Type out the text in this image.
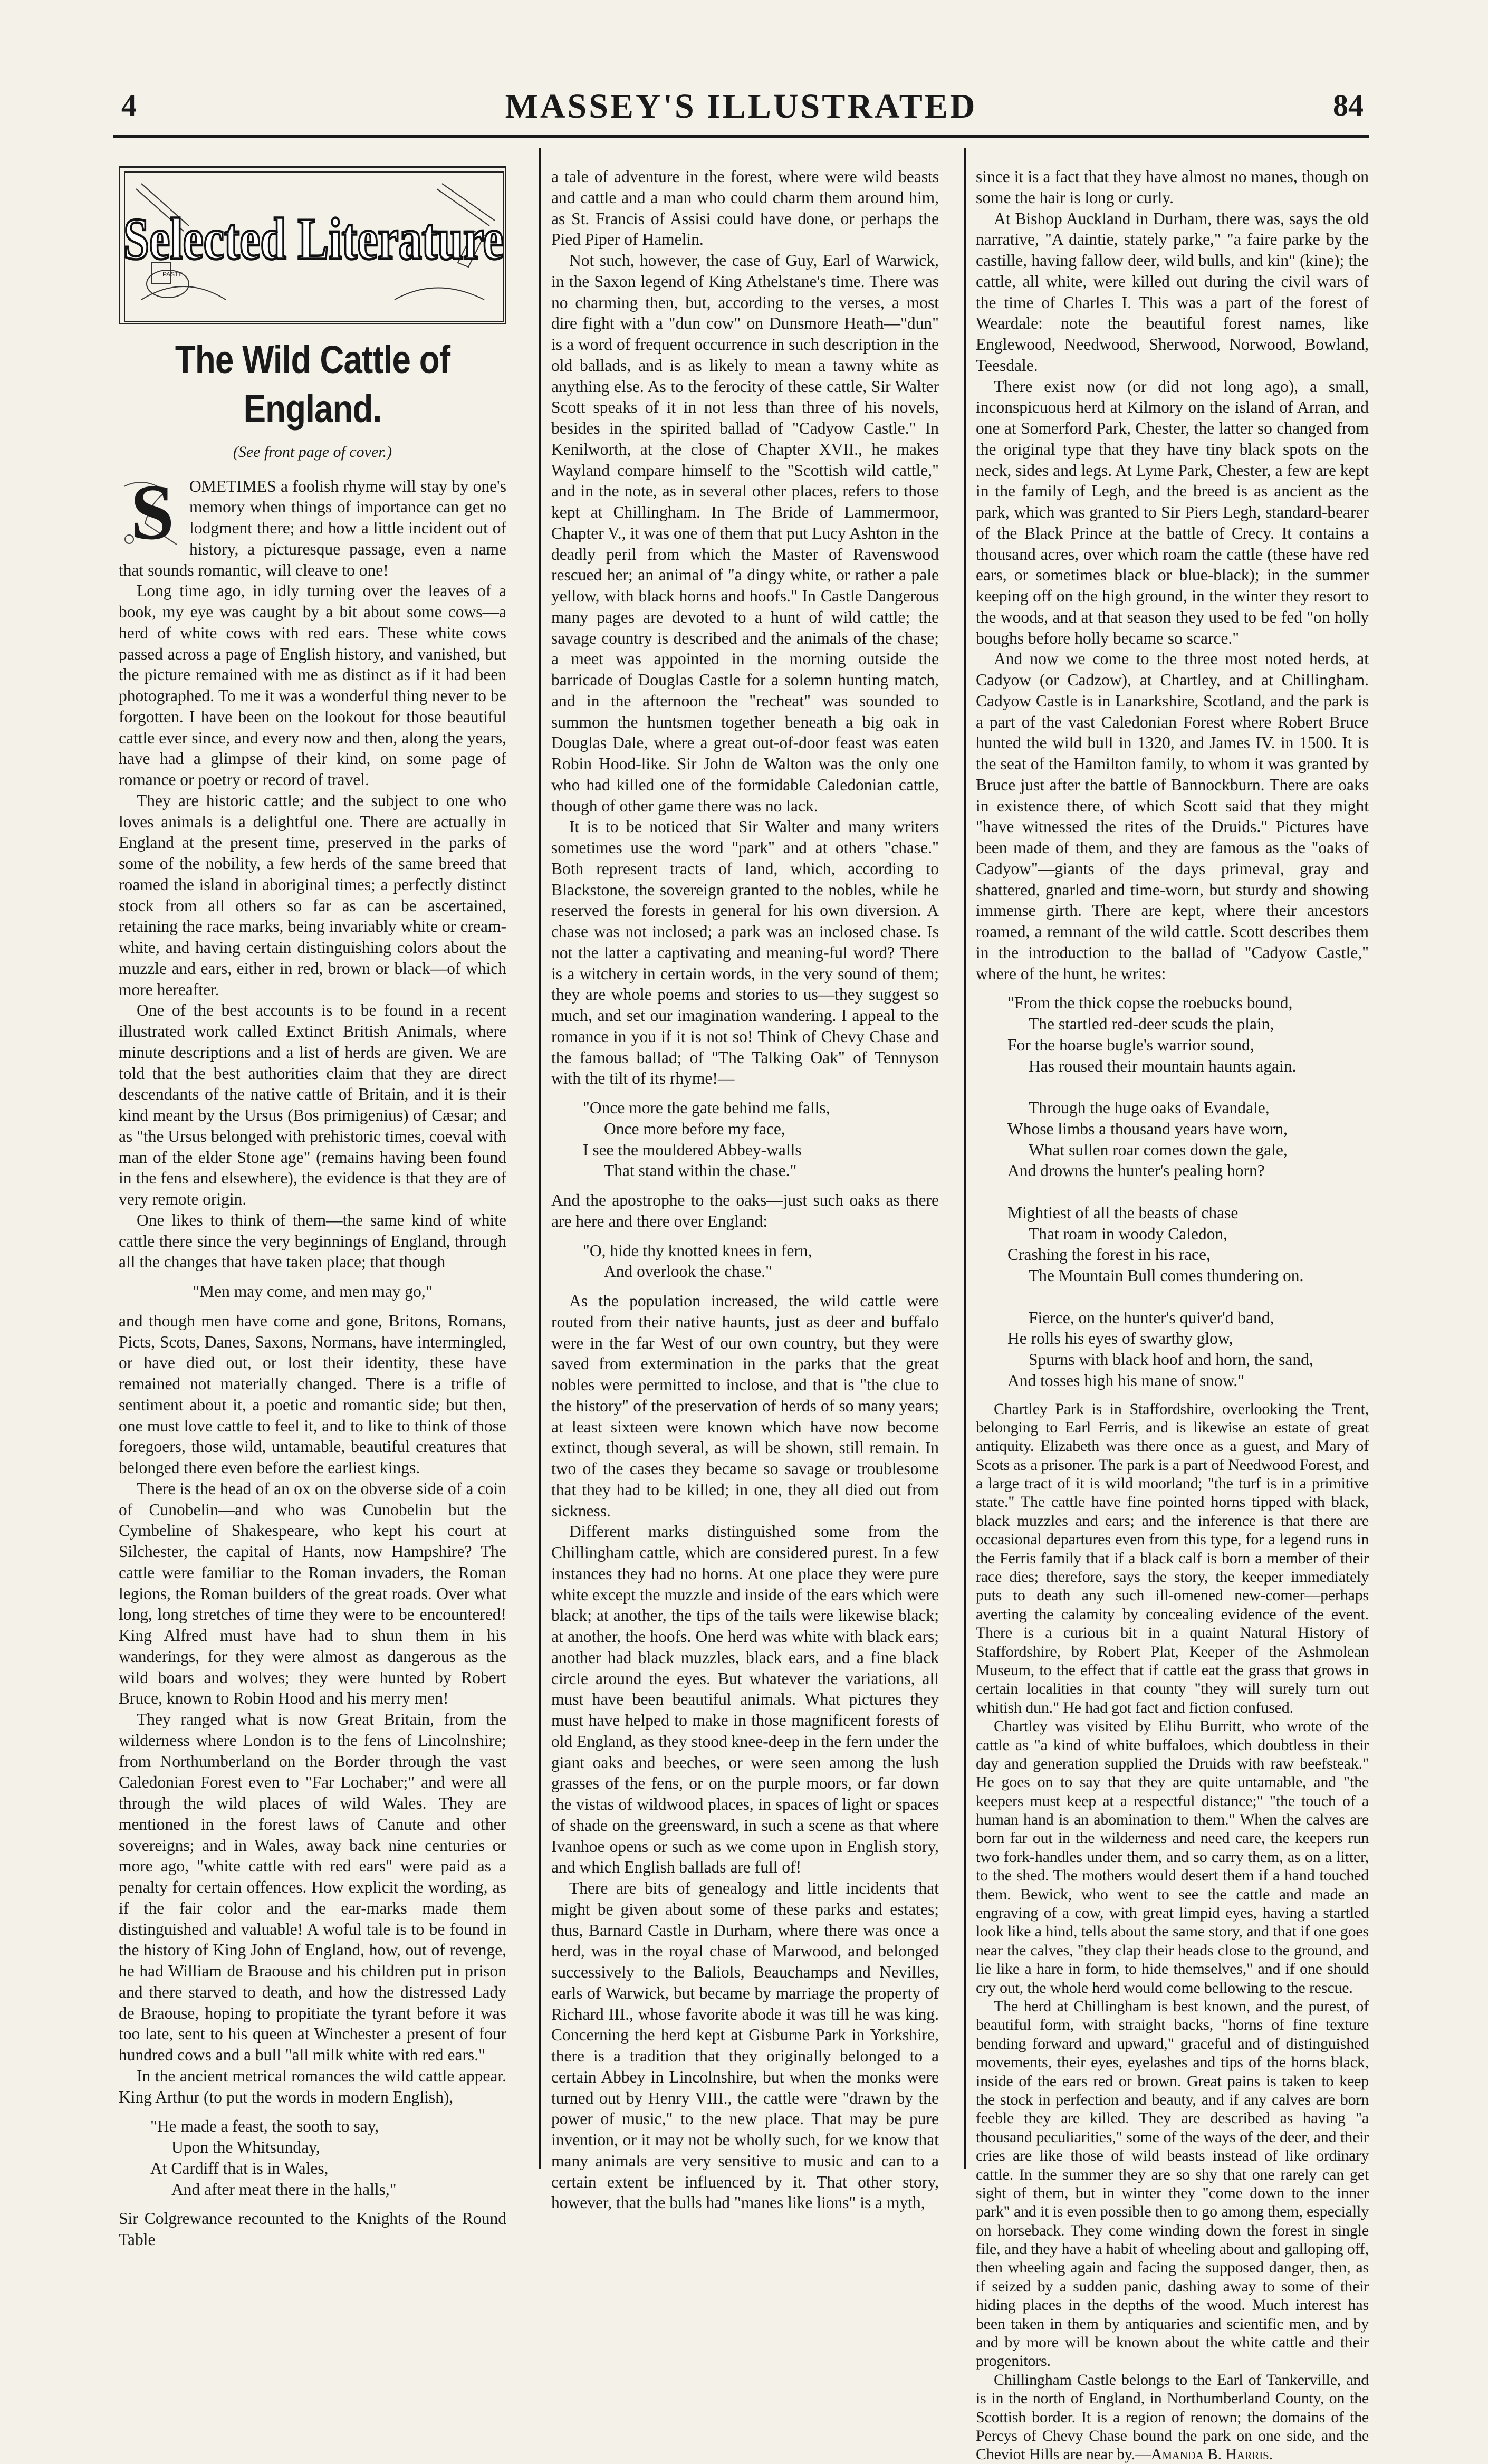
4	MASSEY'S ILLUSTRATED	84
PASTE
Selected Literature
The Wild Cattle of England.
(See front page of cover.)
S OMETIMES a foolish rhyme will stay by one's memory when things of importance can get no lodgment there; and how a little incident out of history, a picturesque passage, even a name that sounds romantic, will cleave to one!

Long time ago, in idly turning over the leaves of a book, my eye was caught by a bit about some cows—a herd of white cows with red ears. These white cows passed across a page of English history, and vanished, but the picture remained with me as distinct as if it had been photographed. To me it was a wonderful thing never to be forgotten. I have been on the lookout for those beautiful cattle ever since, and every now and then, along the years, have had a glimpse of their kind, on some page of romance or poetry or record of travel.

They are historic cattle; and the subject to one who loves animals is a delightful one. There are actually in England at the present time, preserved in the parks of some of the nobility, a few herds of the same breed that roamed the island in aboriginal times; a perfectly distinct stock from all others so far as can be ascertained, retaining the race marks, being invariably white or cream-white, and having certain distinguishing colors about the muzzle and ears, either in red, brown or black—of which more hereafter.

One of the best accounts is to be found in a recent illustrated work called Extinct British Animals, where minute descriptions and a list of herds are given. We are told that the best authorities claim that they are direct descendants of the native cattle of Britain, and it is their kind meant by the Ursus (Bos primigenius) of Cæsar; and as "the Ursus belonged with prehistoric times, coeval with man of the elder Stone age" (remains having been found in the fens and elsewhere), the evidence is that they are of very remote origin.

One likes to think of them—the same kind of white cattle there since the very beginnings of England, through all the changes that have taken place; that though

"Men may come, and men may go,"

and though men have come and gone, Britons, Romans, Picts, Scots, Danes, Saxons, Normans, have intermingled, or have died out, or lost their identity, these have remained not materially changed. There is a trifle of sentiment about it, a poetic and romantic side; but then, one must love cattle to feel it, and to like to think of those foregoers, those wild, untamable, beautiful creatures that belonged there even before the earliest kings.

There is the head of an ox on the obverse side of a coin of Cunobelin—and who was Cunobelin but the Cymbeline of Shakespeare, who kept his court at Silchester, the capital of Hants, now Hampshire? The cattle were familiar to the Roman invaders, the Roman legions, the Roman builders of the great roads. Over what long, long stretches of time they were to be encountered! King Alfred must have had to shun them in his wanderings, for they were almost as dangerous as the wild boars and wolves; they were hunted by Robert Bruce, known to Robin Hood and his merry men!

They ranged what is now Great Britain, from the wilderness where London is to the fens of Lincolnshire; from Northumberland on the Border through the vast Caledonian Forest even to "Far Lochaber;" and were all through the wild places of wild Wales. They are mentioned in the forest laws of Canute and other sovereigns; and in Wales, away back nine centuries or more ago, "white cattle with red ears" were paid as a penalty for certain offences. How explicit the wording, as if the fair color and the ear-marks made them distinguished and valuable! A woful tale is to be found in the history of King John of England, how, out of revenge, he had William de Braouse and his children put in prison and there starved to death, and how the distressed Lady de Braouse, hoping to propitiate the tyrant before it was too late, sent to his queen at Winchester a present of four hundred cows and a bull "all milk white with red ears."

In the ancient metrical romances the wild cattle appear. King Arthur (to put the words in modern English),

"He made a feast, the sooth to say,
Upon the Whitsunday,
At Cardiff that is in Wales,
And after meat there in the halls,"

Sir Colgrewance recounted to the Knights of the Round Table

a tale of adventure in the forest, where were wild beasts and cattle and a man who could charm them around him, as St. Francis of Assisi could have done, or perhaps the Pied Piper of Hamelin.

Not such, however, the case of Guy, Earl of Warwick, in the Saxon legend of King Athelstane's time. There was no charming then, but, according to the verses, a most dire fight with a "dun cow" on Dunsmore Heath—"dun" is a word of frequent occurrence in such description in the old ballads, and is as likely to mean a tawny white as anything else. As to the ferocity of these cattle, Sir Walter Scott speaks of it in not less than three of his novels, besides in the spirited ballad of "Cadyow Castle." In Kenilworth, at the close of Chapter XVII., he makes Wayland compare himself to the "Scottish wild cattle," and in the note, as in several other places, refers to those kept at Chillingham. In The Bride of Lammermoor, Chapter V., it was one of them that put Lucy Ashton in the deadly peril from which the Master of Ravenswood rescued her; an animal of "a dingy white, or rather a pale yellow, with black horns and hoofs." In Castle Dangerous many pages are devoted to a hunt of wild cattle; the savage country is described and the animals of the chase; a meet was appointed in the morning outside the barricade of Douglas Castle for a solemn hunting match, and in the afternoon the "recheat" was sounded to summon the huntsmen together beneath a big oak in Douglas Dale, where a great out-of-door feast was eaten Robin Hood-like. Sir John de Walton was the only one who had killed one of the formidable Caledonian cattle, though of other game there was no lack.

It is to be noticed that Sir Walter and many writers sometimes use the word "park" and at others "chase." Both represent tracts of land, which, according to Blackstone, the sovereign granted to the nobles, while he reserved the forests in general for his own diversion. A chase was not inclosed; a park was an inclosed chase. Is not the latter a captivating and meaning-ful word? There is a witchery in certain words, in the very sound of them; they are whole poems and stories to us—they suggest so much, and set our imagination wandering. I appeal to the romance in you if it is not so! Think of Chevy Chase and the famous ballad; of "The Talking Oak" of Tennyson with the tilt of its rhyme!—

"Once more the gate behind me falls,
Once more before my face,
I see the mouldered Abbey-walls
That stand within the chase."

And the apostrophe to the oaks—just such oaks as there are here and there over England:

"O, hide thy knotted knees in fern,
And overlook the chase."

As the population increased, the wild cattle were routed from their native haunts, just as deer and buffalo were in the far West of our own country, but they were saved from extermination in the parks that the great nobles were permitted to inclose, and that is "the clue to the history" of the preservation of herds of so many years; at least sixteen were known which have now become extinct, though several, as will be shown, still remain. In two of the cases they became so savage or troublesome that they had to be killed; in one, they all died out from sickness.

Different marks distinguished some from the Chillingham cattle, which are considered purest. In a few instances they had no horns. At one place they were pure white except the muzzle and inside of the ears which were black; at another, the tips of the tails were likewise black; at another, the hoofs. One herd was white with black ears; another had black muzzles, black ears, and a fine black circle around the eyes. But whatever the variations, all must have been beautiful animals. What pictures they must have helped to make in those magnificent forests of old England, as they stood knee-deep in the fern under the giant oaks and beeches, or were seen among the lush grasses of the fens, or on the purple moors, or far down the vistas of wildwood places, in spaces of light or spaces of shade on the greensward, in such a scene as that where Ivanhoe opens or such as we come upon in English story, and which English ballads are full of!

There are bits of genealogy and little incidents that might be given about some of these parks and estates; thus, Barnard Castle in Durham, where there was once a herd, was in the royal chase of Marwood, and belonged successively to the Baliols, Beauchamps and Nevilles, earls of Warwick, but became by marriage the property of Richard III., whose favorite abode it was till he was king. Concerning the herd kept at Gisburne Park in Yorkshire, there is a tradition that they originally belonged to a certain Abbey in Lincolnshire, but when the monks were turned out by Henry VIII., the cattle were "drawn by the power of music," to the new place. That may be pure invention, or it may not be wholly such, for we know that many animals are very sensitive to music and can to a certain extent be influenced by it. That other story, however, that the bulls had "manes like lions" is a myth,

since it is a fact that they have almost no manes, though on some the hair is long or curly.

At Bishop Auckland in Durham, there was, says the old narrative, "A daintie, stately parke," "a faire parke by the castille, having fallow deer, wild bulls, and kin" (kine); the cattle, all white, were killed out during the civil wars of the time of Charles I. This was a part of the forest of Weardale: note the beautiful forest names, like Englewood, Needwood, Sherwood, Norwood, Bowland, Teesdale.

There exist now (or did not long ago), a small, inconspicuous herd at Kilmory on the island of Arran, and one at Somerford Park, Chester, the latter so changed from the original type that they have tiny black spots on the neck, sides and legs. At Lyme Park, Chester, a few are kept in the family of Legh, and the breed is as ancient as the park, which was granted to Sir Piers Legh, standard-bearer of the Black Prince at the battle of Crecy. It contains a thousand acres, over which roam the cattle (these have red ears, or sometimes black or blue-black); in the summer keeping off on the high ground, in the winter they resort to the woods, and at that season they used to be fed "on holly boughs before holly became so scarce."

And now we come to the three most noted herds, at Cadyow (or Cadzow), at Chartley, and at Chillingham. Cadyow Castle is in Lanarkshire, Scotland, and the park is a part of the vast Caledonian Forest where Robert Bruce hunted the wild bull in 1320, and James IV. in 1500. It is the seat of the Hamilton family, to whom it was granted by Bruce just after the battle of Bannockburn. There are oaks in existence there, of which Scott said that they might "have witnessed the rites of the Druids." Pictures have been made of them, and they are famous as the "oaks of Cadyow"—giants of the days primeval, gray and shattered, gnarled and time-worn, but sturdy and showing immense girth. There are kept, where their ancestors roamed, a remnant of the wild cattle. Scott describes them in the introduction to the ballad of "Cadyow Castle," where of the hunt, he writes:

"From the thick copse the roebucks bound,
The startled red-deer scuds the plain,
For the hoarse bugle's warrior sound,
Has roused their mountain haunts again.

Through the huge oaks of Evandale,
Whose limbs a thousand years have worn,
What sullen roar comes down the gale,
And drowns the hunter's pealing horn?

Mightiest of all the beasts of chase
That roam in woody Caledon,
Crashing the forest in his race,
The Mountain Bull comes thundering on.

Fierce, on the hunter's quiver'd band,
He rolls his eyes of swarthy glow,
Spurns with black hoof and horn, the sand,
And tosses high his mane of snow."

Chartley Park is in Staffordshire, overlooking the Trent, belonging to Earl Ferris, and is likewise an estate of great antiquity. Elizabeth was there once as a guest, and Mary of Scots as a prisoner. The park is a part of Needwood Forest, and a large tract of it is wild moorland; "the turf is in a primitive state." The cattle have fine pointed horns tipped with black, black muzzles and ears; and the inference is that there are occasional departures even from this type, for a legend runs in the Ferris family that if a black calf is born a member of their race dies; therefore, says the story, the keeper immediately puts to death any such ill-omened new-comer—perhaps averting the calamity by concealing evidence of the event. There is a curious bit in a quaint Natural History of Staffordshire, by Robert Plat, Keeper of the Ashmolean Museum, to the effect that if cattle eat the grass that grows in certain localities in that county "they will surely turn out whitish dun." He had got fact and fiction confused.

Chartley was visited by Elihu Burritt, who wrote of the cattle as "a kind of white buffaloes, which doubtless in their day and generation supplied the Druids with raw beefsteak." He goes on to say that they are quite untamable, and "the keepers must keep at a respectful distance;" "the touch of a human hand is an abomination to them." When the calves are born far out in the wilderness and need care, the keepers run two fork-handles under them, and so carry them, as on a litter, to the shed. The mothers would desert them if a hand touched them. Bewick, who went to see the cattle and made an engraving of a cow, with great limpid eyes, having a startled look like a hind, tells about the same story, and that if one goes near the calves, "they clap their heads close to the ground, and lie like a hare in form, to hide themselves," and if one should cry out, the whole herd would come bellowing to the rescue.

The herd at Chillingham is best known, and the purest, of beautiful form, with straight backs, "horns of fine texture bending forward and upward," graceful and of distinguished movements, their eyes, eyelashes and tips of the horns black, inside of the ears red or brown. Great pains is taken to keep the stock in perfection and beauty, and if any calves are born feeble they are killed. They are described as having "a thousand peculiarities," some of the ways of the deer, and their cries are like those of wild beasts instead of like ordinary cattle. In the summer they are so shy that one rarely can get sight of them, but in winter they "come down to the inner park" and it is even possible then to go among them, especially on horseback. They come winding down the forest in single file, and they have a habit of wheeling about and galloping off, then wheeling again and facing the supposed danger, then, as if seized by a sudden panic, dashing away to some of their hiding places in the depths of the wood. Much interest has been taken in them by antiquaries and scientific men, and by and by more will be known about the white cattle and their progenitors.

Chillingham Castle belongs to the Earl of Tankerville, and is in the north of England, in Northumberland County, on the Scottish border. It is a region of renown; the domains of the Percys of Chevy Chase bound the park on one side, and the Cheviot Hills are near by.—Amanda B. Harris.
